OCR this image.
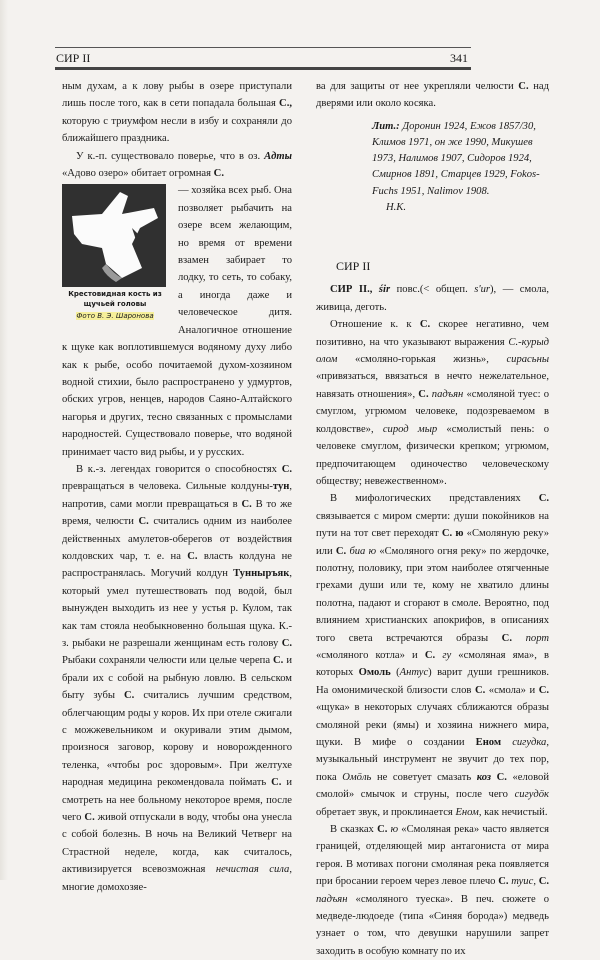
СИР II	341

ным духам, а к лову рыбы в озере приступали лишь после того, как в сети попадала большая С., которую с триумфом несли в избу и сохраняли до ближайшего праздника.

У к.-п. существовало поверье, что в оз. Адты «Адово озеро» обитает огромная С.

Крестовидная кость из щучьей головы
Фото В. Э. Шаронова

— хозяйка всех рыб. Она позволяет рыбачить на озере всем желающим, но время от времени взамен забирает то лодку, то сеть, то собаку, а иногда даже и человеческое дитя. Аналогичное отношение к щуке как воплотившемуся водяному духу либо как к рыбе, особо почитаемой духом-хозяином водной стихии, было распространено у удмуртов, обских угров, ненцев, народов Саяно-Алтайского нагорья и других, тесно связанных с промыслами народностей. Существовало поверье, что водяной принимает часто вид рыбы, и у русских.

В к.-з. легендах говорится о способностях С. превращаться в человека. Сильные колдуны-тун, напротив, сами могли превращаться в С. В то же время, челюсти С. считались одним из наиболее действенных амулетов-оберегов от воздействия колдовских чар, т. е. на С. власть колдуна не распространялась. Могучий колдун Тунныръяк, который умел путешествовать под водой, был вынужден выходить из нее у устья р. Кулом, так как там стояла необыкновенно большая щука. К.-з. рыбаки не разрешали женщинам есть голову С. Рыбаки сохраняли челюсти или целые черепа С. и брали их с собой на рыбную ловлю. В сельском быту зубы С. считались лучшим средством, облегчающим роды у коров. Их при отеле сжигали с можжевельником и окуривали этим дымом, произнося заговор, корову и новорожденного теленка, «чтобы рос здоровым». При желтухе народная медицина рекомендовала поймать С. и смотреть на нее больному некоторое время, после чего С. живой отпускали в воду, чтобы она унесла с собой болезнь. В ночь на Великий Четверг на Страстной неделе, когда, как считалось, активизируется всевозможная нечистая сила, многие домохозяе-

ва для защиты от нее укрепляли челюсти С. над дверями или около косяка.

Лит.: Доронин 1924, Ежов 1857/30, Климов 1971, он же 1990, Микушев 1973, Налимов 1907, Сидоров 1924, Смирнов 1891, Старцев 1929, Fokos-Fuchs 1951, Nalimov 1908.
Н.К.
СИР II

СИР II., śir повс.(< общеп. s'ur), — смола, живица, деготь.

Отношение к. к С. скорее негативно, чем позитивно, на что указывают выражения С.-курыд олом «смоляно-горькая жизнь», сирасьны «привязаться, ввязаться в нечто нежелательное, навязать отношения», С. падъян «смоляной туес: о смуглом, угрюмом человеке, подозреваемом в колдовстве», сирод мыр «смолистый пень: о человеке смуглом, физически крепком; угрюмом, предпочитающем одиночество человеческому обществу; невежественном».

В мифологических представлениях С. связывается с миром смерти: души покойников на пути на тот свет переходят С. ю «Смоляную реку» или С. биа ю «Смоляного огня реку» по жердочке, полотну, половику, при этом наиболее отягченные грехами души или те, кому не хватило длины полотна, падают и сгорают в смоле. Вероятно, под влиянием христианских апокрифов, в описаниях того света встречаются образы С. порт «смоляного котла» и С. гу «смоляная яма», в которых Омоль (Антус) варит души грешников. На омонимической близости слов С. «смола» и С. «щука» в некоторых случаях сближаются образы смоляной реки (ямы) и хозяина нижнего мира, щуки. В мифе о создании Еном сигудка, музыкальный инструмент не звучит до тех пор, пока Омöль не советует смазать коз С. «еловой смолой» смычок и струны, после чего сигудöк обретает звук, и проклинается Еном, как нечистый.

В сказках С. ю «Смоляная река» часто является границей, отделяющей мир антагониста от мира героя. В мотивах погони смоляная река появляется при бросании героем через левое плечо С. туис, С. падъян «смоляного туеска». В печ. сюжете о медведе-людоеде (типа «Синяя борода») медведь узнает о том, что девушки нарушили запрет заходить в особую комнату по их
